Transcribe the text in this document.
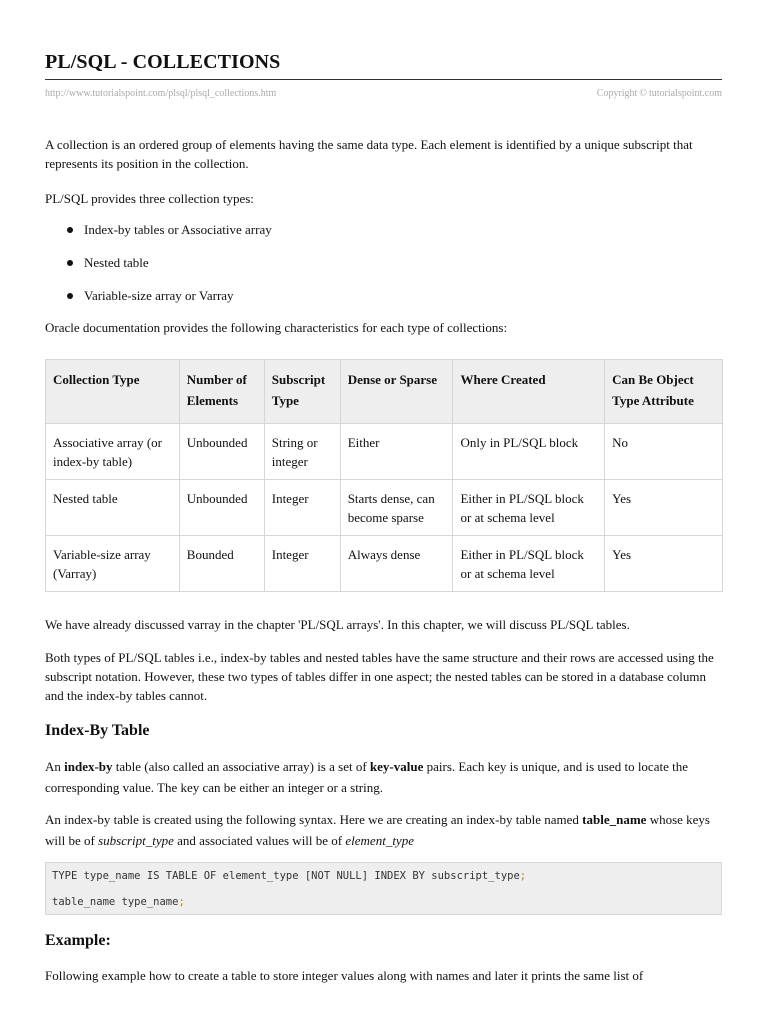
PL/SQL - COLLECTIONS
http://www.tutorialspoint.com/plsql/plsql_collections.htm	Copyright © tutorialspoint.com

A collection is an ordered group of elements having the same data type. Each element is identified by a unique subscript that represents its position in the collection.

PL/SQL provides three collection types:

Index-by tables or Associative array
Nested table
Variable-size array or Varray

Oracle documentation provides the following characteristics for each type of collections:

Collection Type	Number of Elements	Subscript Type	Dense or Sparse	Where Created	Can Be Object Type Attribute
Associative array (or index-by table)	Unbounded	String or integer	Either	Only in PL/SQL block	No
Nested table	Unbounded	Integer	Starts dense, can become sparse	Either in PL/SQL block or at schema level	Yes
Variable-size array (Varray)	Bounded	Integer	Always dense	Either in PL/SQL block or at schema level	Yes

We have already discussed varray in the chapter 'PL/SQL arrays'. In this chapter, we will discuss PL/SQL tables.

Both types of PL/SQL tables i.e., index-by tables and nested tables have the same structure and their rows are accessed using the subscript notation. However, these two types of tables differ in one aspect; the nested tables can be stored in a database column and the index-by tables cannot.

Index-By Table

An index-by table (also called an associative array) is a set of key-value pairs. Each key is unique, and is used to locate the corresponding value. The key can be either an integer or a string.

An index-by table is created using the following syntax. Here we are creating an index-by table named table_name whose keys will be of subscript_type and associated values will be of element_type

TYPE type_name IS TABLE OF element_type [NOT NULL] INDEX BY subscript_type;
table_name type_name;
Example:

Following example how to create a table to store integer values along with names and later it prints the same list of
